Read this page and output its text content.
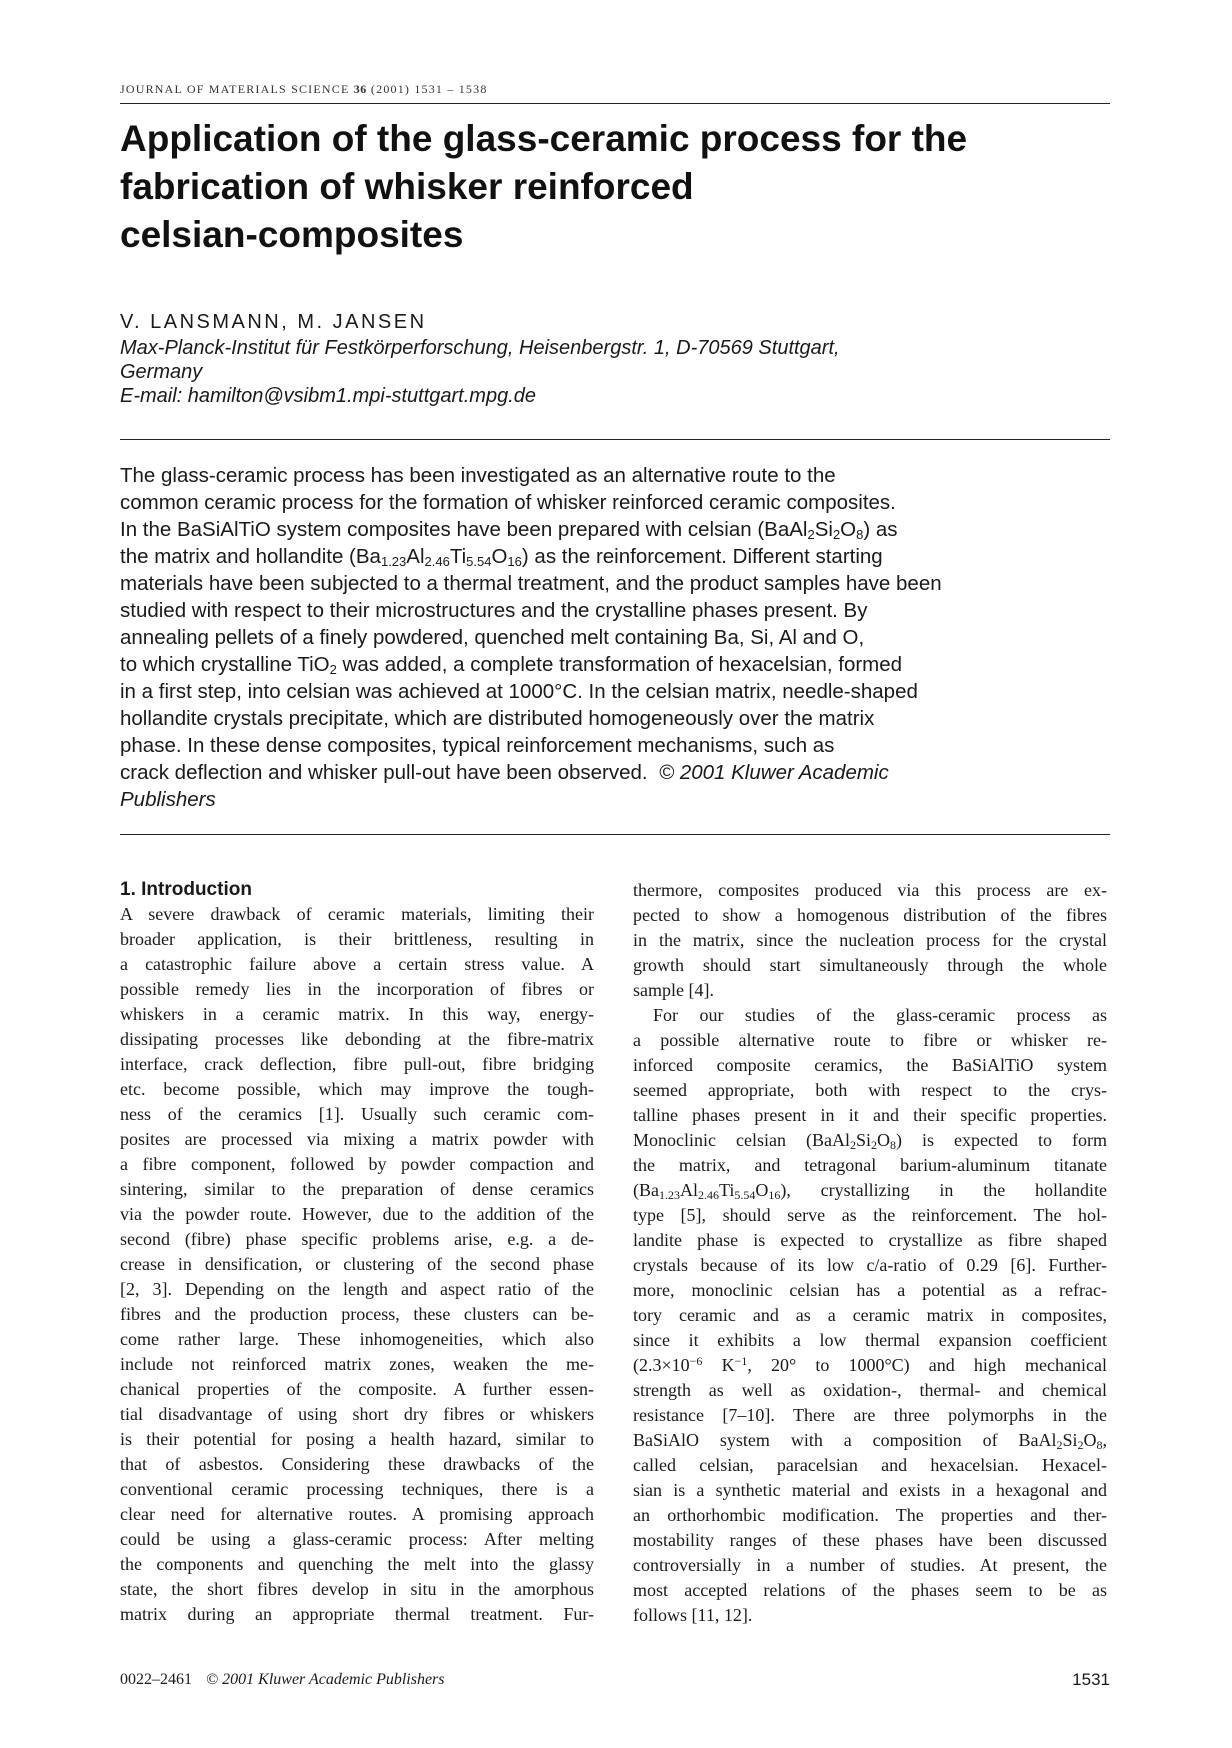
JOURNAL OF MATERIALS SCIENCE 36 (2001) 1531 – 1538
Application of the glass-ceramic process for the
fabrication of whisker reinforced
celsian-composites
V. LANSMANN, M. JANSEN
Max-Planck-Institut für Festkörperforschung, Heisenbergstr. 1, D-70569 Stuttgart,
Germany
E-mail: hamilton@vsibm1.mpi-stuttgart.mpg.de
The glass-ceramic process has been investigated as an alternative route to the
common ceramic process for the formation of whisker reinforced ceramic composites.
In the BaSiAlTiO system composites have been prepared with celsian $(BaAl_2Si_2O_8)$ as
the matrix and hollandite $(Ba_{1.23}Al_{2.46}Ti_{5.54}O_{16})$ as the reinforcement. Different starting
materials have been subjected to a thermal treatment, and the product samples have been
studied with respect to their microstructures and the crystalline phases present. By
annealing pellets of a finely powdered, quenched melt containing Ba, Si, Al and O,
to which crystalline TiO$_2$ was added, a complete transformation of hexacelsian, formed
in a first step, into celsian was achieved at 1000°C. In the celsian matrix, needle-shaped
hollandite crystals precipitate, which are distributed homogeneously over the matrix
phase. In these dense composites, typical reinforcement mechanisms, such as
crack deflection and whisker pull-out have been observed. © 2001 Kluwer Academic
Publishers
1. Introduction
A severe drawback of ceramic materials, limiting their
broader application, is their brittleness, resulting in
a catastrophic failure above a certain stress value. A
possible remedy lies in the incorporation of fibres or
whiskers in a ceramic matrix. In this way, energy-
dissipating processes like debonding at the fibre-matrix
interface, crack deflection, fibre pull-out, fibre bridging
etc. become possible, which may improve the tough-
ness of the ceramics [1]. Usually such ceramic com-
posites are processed via mixing a matrix powder with
a fibre component, followed by powder compaction and
sintering, similar to the preparation of dense ceramics
via the powder route. However, due to the addition of the
second (fibre) phase specific problems arise, e.g. a de-
crease in densification, or clustering of the second phase
[2, 3]. Depending on the length and aspect ratio of the
fibres and the production process, these clusters can be-
come rather large. These inhomogeneities, which also
include not reinforced matrix zones, weaken the me-
chanical properties of the composite. A further essen-
tial disadvantage of using short dry fibres or whiskers
is their potential for posing a health hazard, similar to
that of asbestos. Considering these drawbacks of the
conventional ceramic processing techniques, there is a
clear need for alternative routes. A promising approach
could be using a glass-ceramic process: After melting
the components and quenching the melt into the glassy
state, the short fibres develop in situ in the amorphous
matrix during an appropriate thermal treatment. Fur-
thermore, composites produced via this process are ex-
pected to show a homogenous distribution of the fibres
in the matrix, since the nucleation process for the crystal
growth should start simultaneously through the whole
sample [4].
For our studies of the glass-ceramic process as
a possible alternative route to fibre or whisker re-
inforced composite ceramics, the BaSiAlTiO system
seemed appropriate, both with respect to the crys-
talline phases present in it and their specific properties.
Monoclinic celsian $(BaAl_2Si_2O_8)$ is expected to form
the matrix, and tetragonal barium-aluminum titanate
$(Ba_{1.23}Al_{2.46}Ti_{5.54}O_{16})$, crystallizing in the hollandite
type [5], should serve as the reinforcement. The hol-
landite phase is expected to crystallize as fibre shaped
crystals because of its low c/a-ratio of 0.29 [6]. Further-
more, monoclinic celsian has a potential as a refrac-
tory ceramic and as a ceramic matrix in composites,
since it exhibits a low thermal expansion coefficient
($2.3\times 10^{-6}$ $K^{-1}$, 20° to 1000°C) and high mechanical
strength as well as oxidation-, thermal- and chemical
resistance [7–10]. There are three polymorphs in the
BaSiAlO system with a composition of $BaAl_2Si_2O_8$,
called celsian, paracelsian and hexacelsian. Hexacel-
sian is a synthetic material and exists in a hexagonal and
an orthorhombic modification. The properties and ther-
mostability ranges of these phases have been discussed
controversially in a number of studies. At present, the
most accepted relations of the phases seem to be as
follows [11, 12].
0022–2461 © 2001 Kluwer Academic Publishers	1531
